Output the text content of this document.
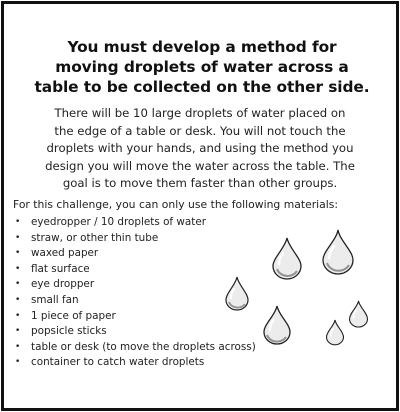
You must develop a method for
moving droplets of water across a
table to be collected on the other side.
There will be 10 large droplets of water placed on
the edge of a table or desk. You will not touch the
droplets with your hands, and using the method you
design you will move the water across the table. The
goal is to move them faster than other groups.
For this challenge, you can only use the following materials:
• eyedropper / 10 droplets of water
• straw, or other thin tube
• waxed paper
• flat surface
• eye dropper
• small fan
• 1 piece of paper
• popsicle sticks
• table or desk (to move the droplets across)
• container to catch water droplets
